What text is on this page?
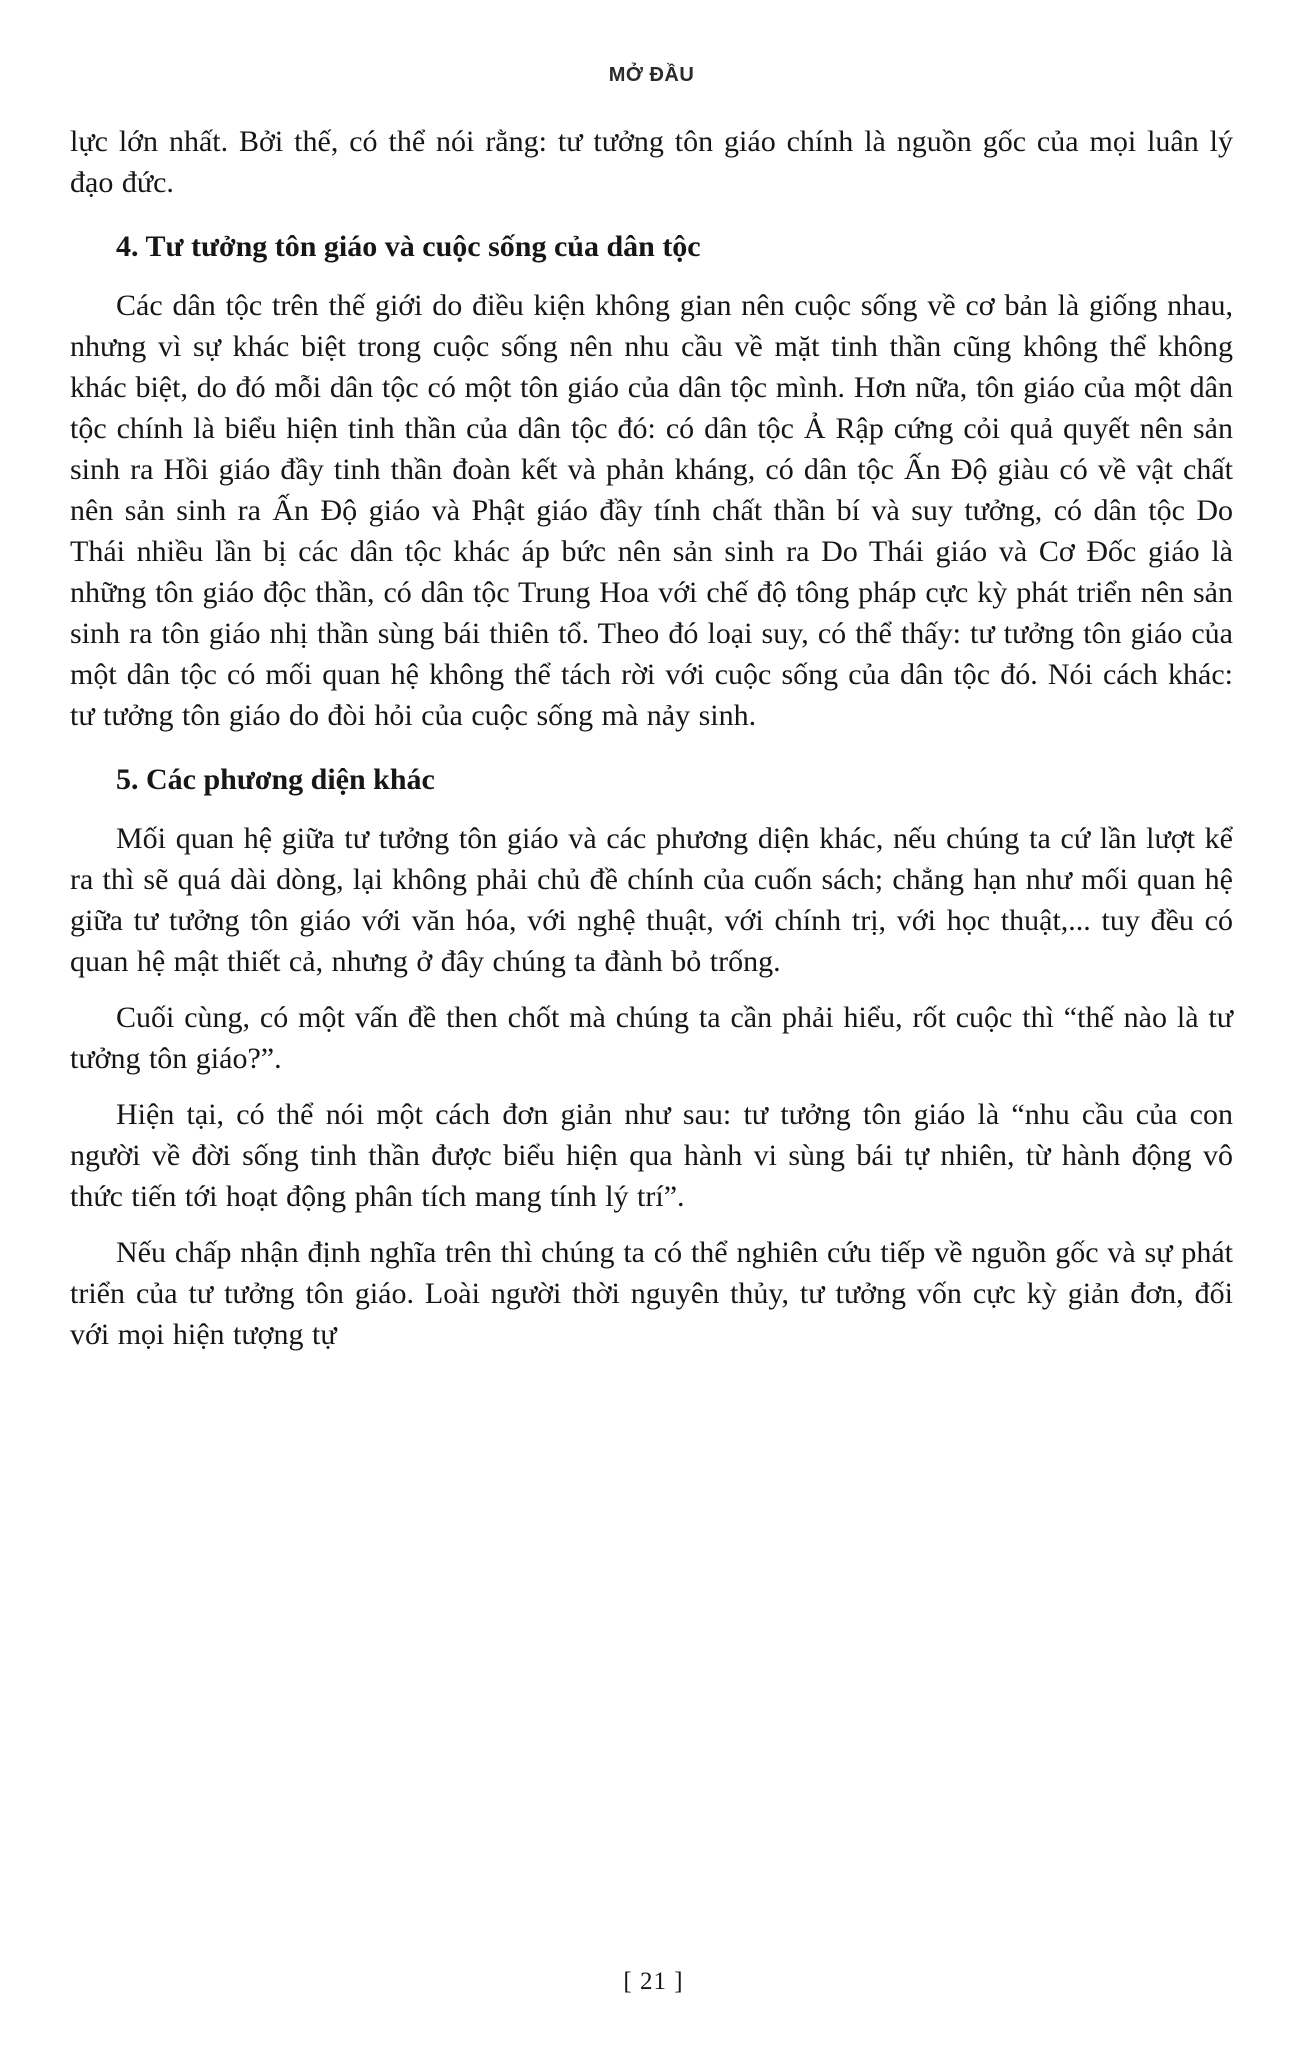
MỞ ĐẦU

lực lớn nhất. Bởi thế, có thể nói rằng: tư tưởng tôn giáo chính là nguồn gốc của mọi luân lý đạo đức.

4. Tư tưởng tôn giáo và cuộc sống của dân tộc

Các dân tộc trên thế giới do điều kiện không gian nên cuộc sống về cơ bản là giống nhau, nhưng vì sự khác biệt trong cuộc sống nên nhu cầu về mặt tinh thần cũng không thể không khác biệt, do đó mỗi dân tộc có một tôn giáo của dân tộc mình. Hơn nữa, tôn giáo của một dân tộc chính là biểu hiện tinh thần của dân tộc đó: có dân tộc Ả Rập cứng cỏi quả quyết nên sản sinh ra Hồi giáo đầy tinh thần đoàn kết và phản kháng, có dân tộc Ấn Độ giàu có về vật chất nên sản sinh ra Ấn Độ giáo và Phật giáo đầy tính chất thần bí và suy tưởng, có dân tộc Do Thái nhiều lần bị các dân tộc khác áp bức nên sản sinh ra Do Thái giáo và Cơ Đốc giáo là những tôn giáo độc thần, có dân tộc Trung Hoa với chế độ tông pháp cực kỳ phát triển nên sản sinh ra tôn giáo nhị thần sùng bái thiên tổ. Theo đó loại suy, có thể thấy: tư tưởng tôn giáo của một dân tộc có mối quan hệ không thể tách rời với cuộc sống của dân tộc đó. Nói cách khác: tư tưởng tôn giáo do đòi hỏi của cuộc sống mà nảy sinh.

5. Các phương diện khác

Mối quan hệ giữa tư tưởng tôn giáo và các phương diện khác, nếu chúng ta cứ lần lượt kể ra thì sẽ quá dài dòng, lại không phải chủ đề chính của cuốn sách; chẳng hạn như mối quan hệ giữa tư tưởng tôn giáo với văn hóa, với nghệ thuật, với chính trị, với học thuật,... tuy đều có quan hệ mật thiết cả, nhưng ở đây chúng ta đành bỏ trống.

Cuối cùng, có một vấn đề then chốt mà chúng ta cần phải hiểu, rốt cuộc thì “thế nào là tư tưởng tôn giáo?”.

Hiện tại, có thể nói một cách đơn giản như sau: tư tưởng tôn giáo là “nhu cầu của con người về đời sống tinh thần được biểu hiện qua hành vi sùng bái tự nhiên, từ hành động vô thức tiến tới hoạt động phân tích mang tính lý trí”.

Nếu chấp nhận định nghĩa trên thì chúng ta có thể nghiên cứu tiếp về nguồn gốc và sự phát triển của tư tưởng tôn giáo. Loài người thời nguyên thủy, tư tưởng vốn cực kỳ giản đơn, đối với mọi hiện tượng tự

[ 21 ]
